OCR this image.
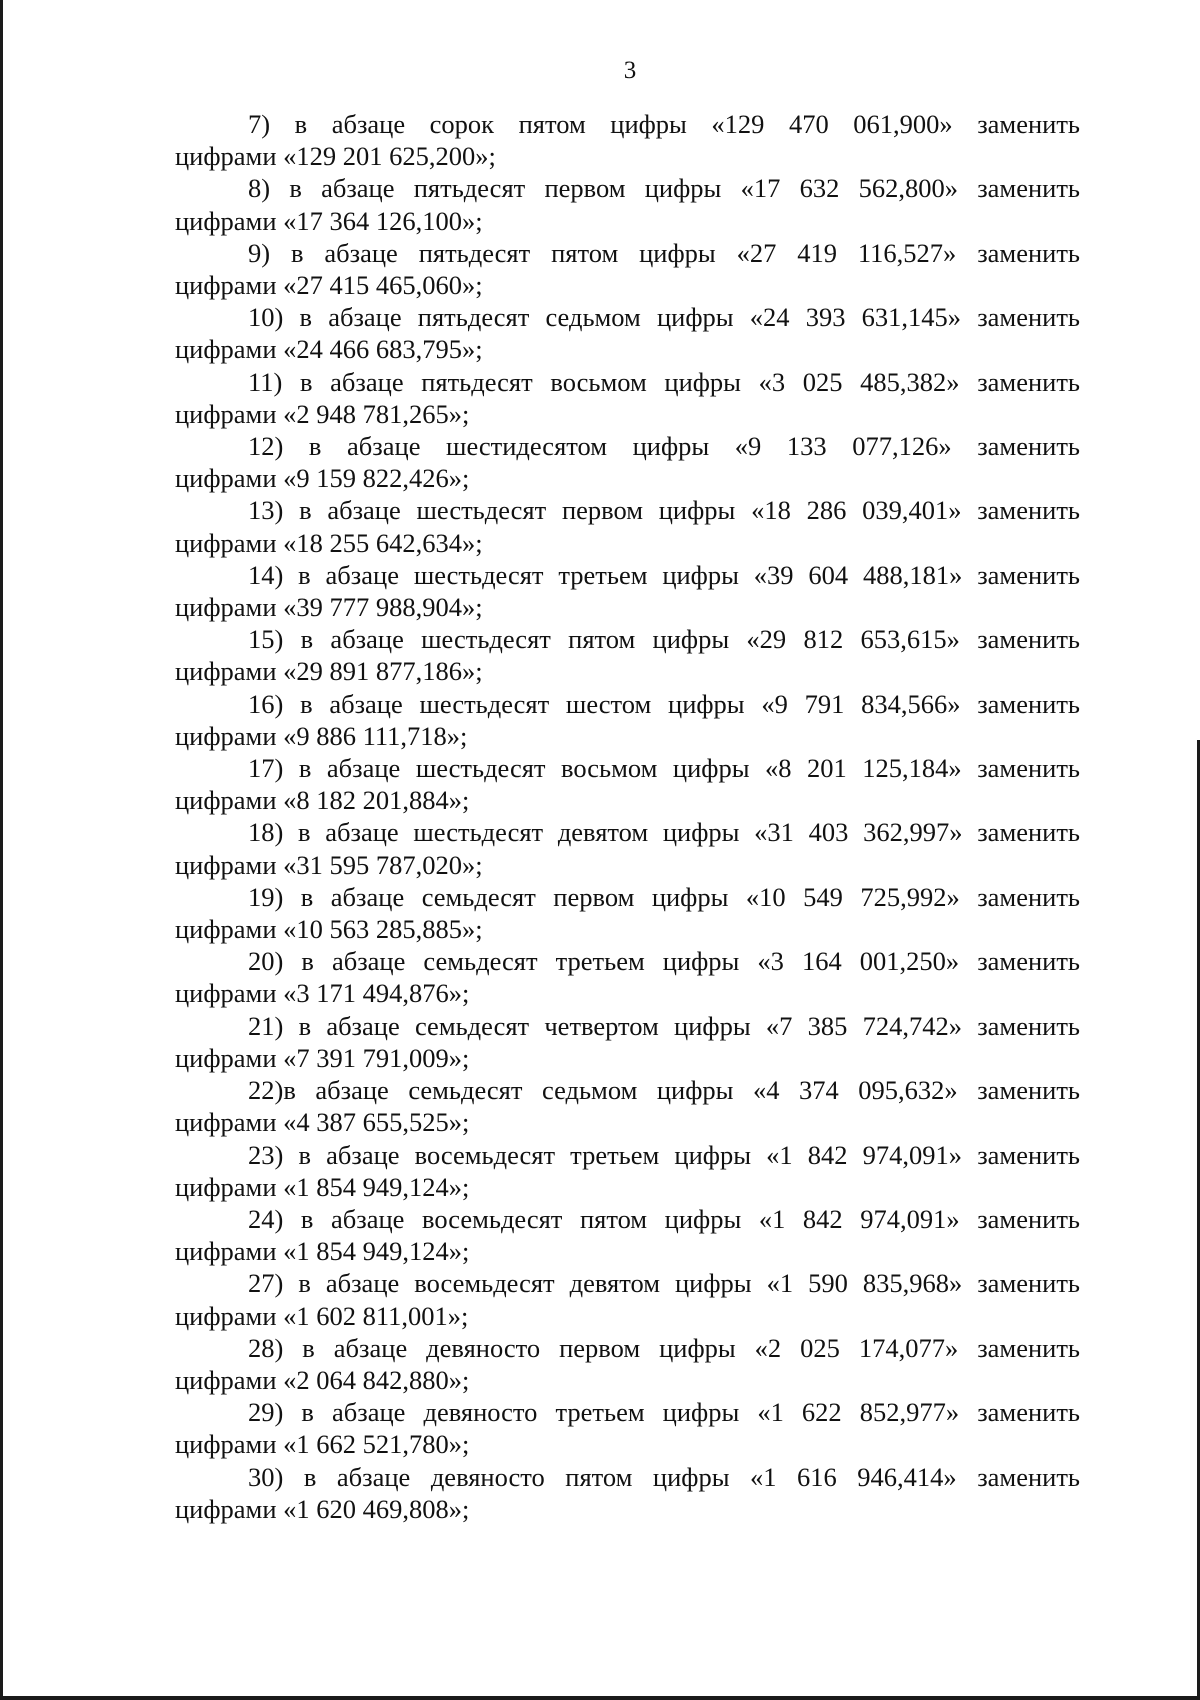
3

7) в абзаце сорок пятом цифры «129 470 061,900» заменить
цифрами «129 201 625,200»;

8) в абзаце пятьдесят первом цифры «17 632 562,800» заменить
цифрами «17 364 126,100»;

9) в абзаце пятьдесят пятом цифры «27 419 116,527» заменить
цифрами «27 415 465,060»;

10) в абзаце пятьдесят седьмом цифры «24 393 631,145» заменить
цифрами «24 466 683,795»;

11) в абзаце пятьдесят восьмом цифры «3 025 485,382» заменить
цифрами «2 948 781,265»;

12) в абзаце шестидесятом цифры «9 133 077,126» заменить
цифрами «9 159 822,426»;

13) в абзаце шестьдесят первом цифры «18 286 039,401» заменить
цифрами «18 255 642,634»;

14) в абзаце шестьдесят третьем цифры «39 604 488,181» заменить
цифрами «39 777 988,904»;

15) в абзаце шестьдесят пятом цифры «29 812 653,615» заменить
цифрами «29 891 877,186»;

16) в абзаце шестьдесят шестом цифры «9 791 834,566» заменить
цифрами «9 886 111,718»;

17) в абзаце шестьдесят восьмом цифры «8 201 125,184» заменить
цифрами «8 182 201,884»;

18) в абзаце шестьдесят девятом цифры «31 403 362,997» заменить
цифрами «31 595 787,020»;

19) в абзаце семьдесят первом цифры «10 549 725,992» заменить
цифрами «10 563 285,885»;

20) в абзаце семьдесят третьем цифры «3 164 001,250» заменить
цифрами «3 171 494,876»;

21) в абзаце семьдесят четвертом цифры «7 385 724,742» заменить
цифрами «7 391 791,009»;

22)в абзаце семьдесят седьмом цифры «4 374 095,632» заменить
цифрами «4 387 655,525»;

23) в абзаце восемьдесят третьем цифры «1 842 974,091» заменить
цифрами «1 854 949,124»;

24) в абзаце восемьдесят пятом цифры «1 842 974,091» заменить
цифрами «1 854 949,124»;

27) в абзаце восемьдесят девятом цифры «1 590 835,968» заменить
цифрами «1 602 811,001»;

28) в абзаце девяносто первом цифры «2 025 174,077» заменить
цифрами «2 064 842,880»;

29) в абзаце девяносто третьем цифры «1 622 852,977» заменить
цифрами «1 662 521,780»;

30) в абзаце девяносто пятом цифры «1 616 946,414» заменить
цифрами «1 620 469,808»;
